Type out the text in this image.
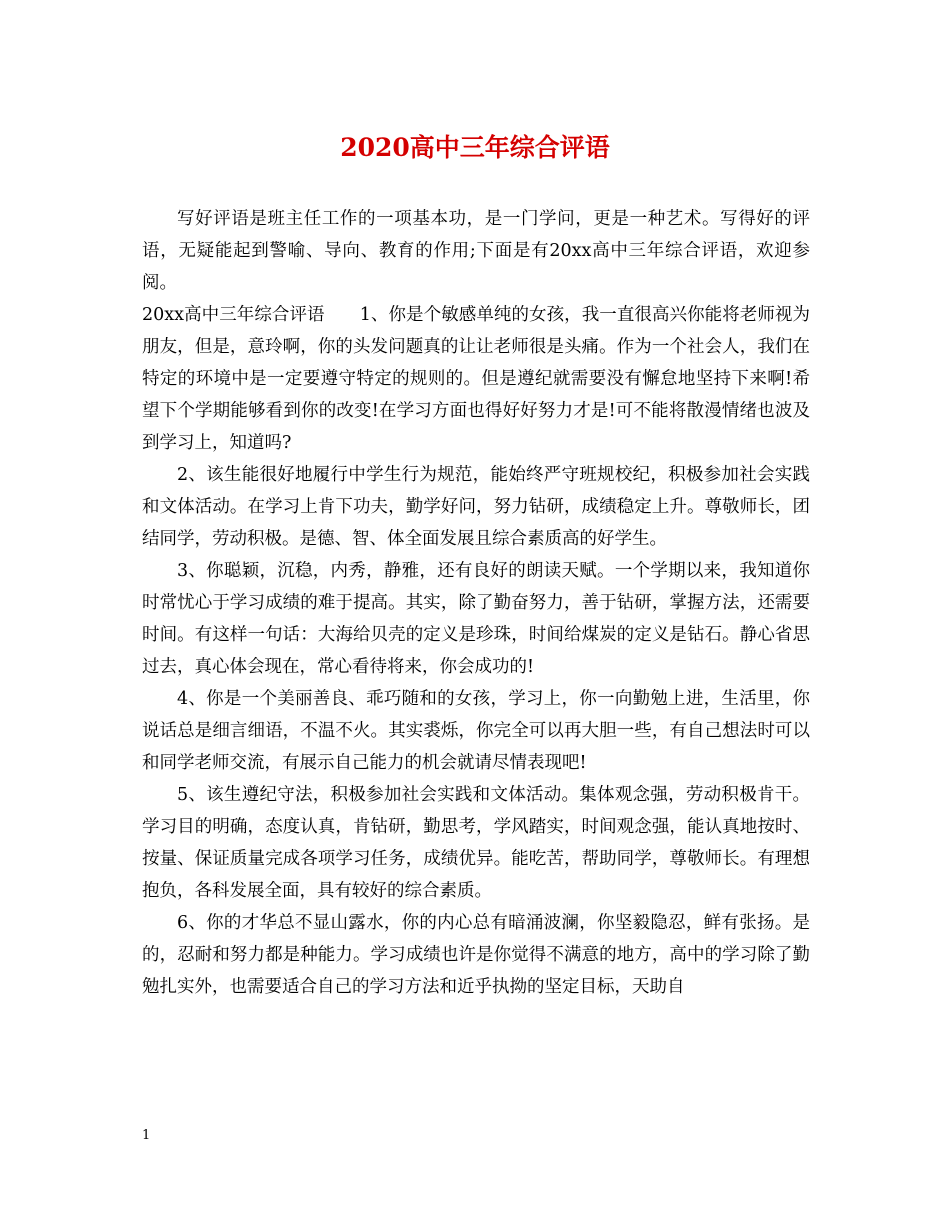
2020高中三年综合评语

写好评语是班主任工作的一项基本功，是一门学问，更是一种艺术。写得好的评语，无疑能起到警喻、导向、教育的作用;下面是有20xx高中三年综合评语，欢迎参阅。

20xx高中三年综合评语　　1、你是个敏感单纯的女孩，我一直很高兴你能将老师视为朋友，但是，意玲啊，你的头发问题真的让让老师很是头痛。作为一个社会人，我们在特定的环境中是一定要遵守特定的规则的。但是遵纪就需要没有懈怠地坚持下来啊!希望下个学期能够看到你的改变!在学习方面也得好好努力才是!可不能将散漫情绪也波及到学习上，知道吗?

2、该生能很好地履行中学生行为规范，能始终严守班规校纪，积极参加社会实践和文体活动。在学习上肯下功夫，勤学好问，努力钻研，成绩稳定上升。尊敬师长，团结同学，劳动积极。是德、智、体全面发展且综合素质高的好学生。

3、你聪颖，沉稳，内秀，静雅，还有良好的朗读天赋。一个学期以来，我知道你时常忧心于学习成绩的难于提高。其实，除了勤奋努力，善于钻研，掌握方法，还需要时间。有这样一句话：大海给贝壳的定义是珍珠，时间给煤炭的定义是钻石。静心省思过去，真心体会现在，常心看待将来，你会成功的!

4、你是一个美丽善良、乖巧随和的女孩，学习上，你一向勤勉上进，生活里，你说话总是细言细语，不温不火。其实裘烁，你完全可以再大胆一些，有自己想法时可以和同学老师交流，有展示自己能力的机会就请尽情表现吧!

5、该生遵纪守法，积极参加社会实践和文体活动。集体观念强，劳动积极肯干。学习目的明确，态度认真，肯钻研，勤思考，学风踏实，时间观念强，能认真地按时、按量、保证质量完成各项学习任务，成绩优异。能吃苦，帮助同学，尊敬师长。有理想抱负，各科发展全面，具有较好的综合素质。

6、你的才华总不显山露水，你的内心总有暗涌波澜，你坚毅隐忍，鲜有张扬。是的，忍耐和努力都是种能力。学习成绩也许是你觉得不满意的地方，高中的学习除了勤勉扎实外，也需要适合自己的学习方法和近乎执拗的坚定目标，天助自

1
